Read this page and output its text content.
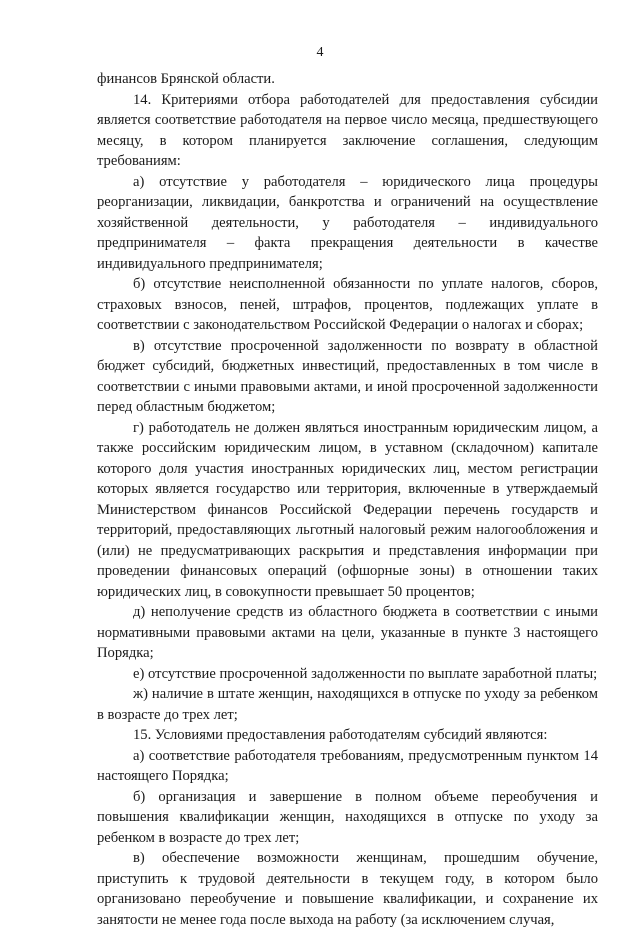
4

финансов Брянской области.

14. Критериями отбора работодателей для предоставления субсидии является соответствие работодателя на первое число месяца, предшествующего месяцу, в котором планируется заключение соглашения, следующим требованиям:

а) отсутствие у работодателя – юридического лица процедуры реорганизации, ликвидации, банкротства и ограничений на осуществление хозяйственной деятельности, у работодателя – индивидуального предпринимателя – факта прекращения деятельности в качестве индивидуального предпринимателя;

б) отсутствие неисполненной обязанности по уплате налогов, сборов, страховых взносов, пеней, штрафов, процентов, подлежащих уплате в соответствии с законодательством Российской Федерации о налогах и сборах;

в) отсутствие просроченной задолженности по возврату в областной бюджет субсидий, бюджетных инвестиций, предоставленных в том числе в соответствии с иными правовыми актами, и иной просроченной задолженности перед областным бюджетом;

г) работодатель не должен являться иностранным юридическим лицом, а также российским юридическим лицом, в уставном (складочном) капитале которого доля участия иностранных юридических лиц, местом регистрации которых является государство или территория, включенные в утверждаемый Министерством финансов Российской Федерации перечень государств и территорий, предоставляющих льготный налоговый режим налогообложения и (или) не предусматривающих раскрытия и представления информации при проведении финансовых операций (офшорные зоны) в отношении таких юридических лиц, в совокупности превышает 50 процентов;

д) неполучение средств из областного бюджета в соответствии с иными нормативными правовыми актами на цели, указанные в пункте 3 настоящего Порядка;

е) отсутствие просроченной задолженности по выплате заработной платы;

ж) наличие в штате женщин, находящихся в отпуске по уходу за ребенком в возрасте до трех лет;

15. Условиями предоставления работодателям субсидий являются:

а) соответствие работодателя требованиям, предусмотренным пунктом 14 настоящего Порядка;

б) организация и завершение в полном объеме переобучения и повышения квалификации женщин, находящихся в отпуске по уходу за ребенком в возрасте до трех лет;

в) обеспечение возможности женщинам, прошедшим обучение, приступить к трудовой деятельности в текущем году, в котором было организовано переобучение и повышение квалификации, и сохранение их занятости не менее года после выхода на работу (за исключением случая,
